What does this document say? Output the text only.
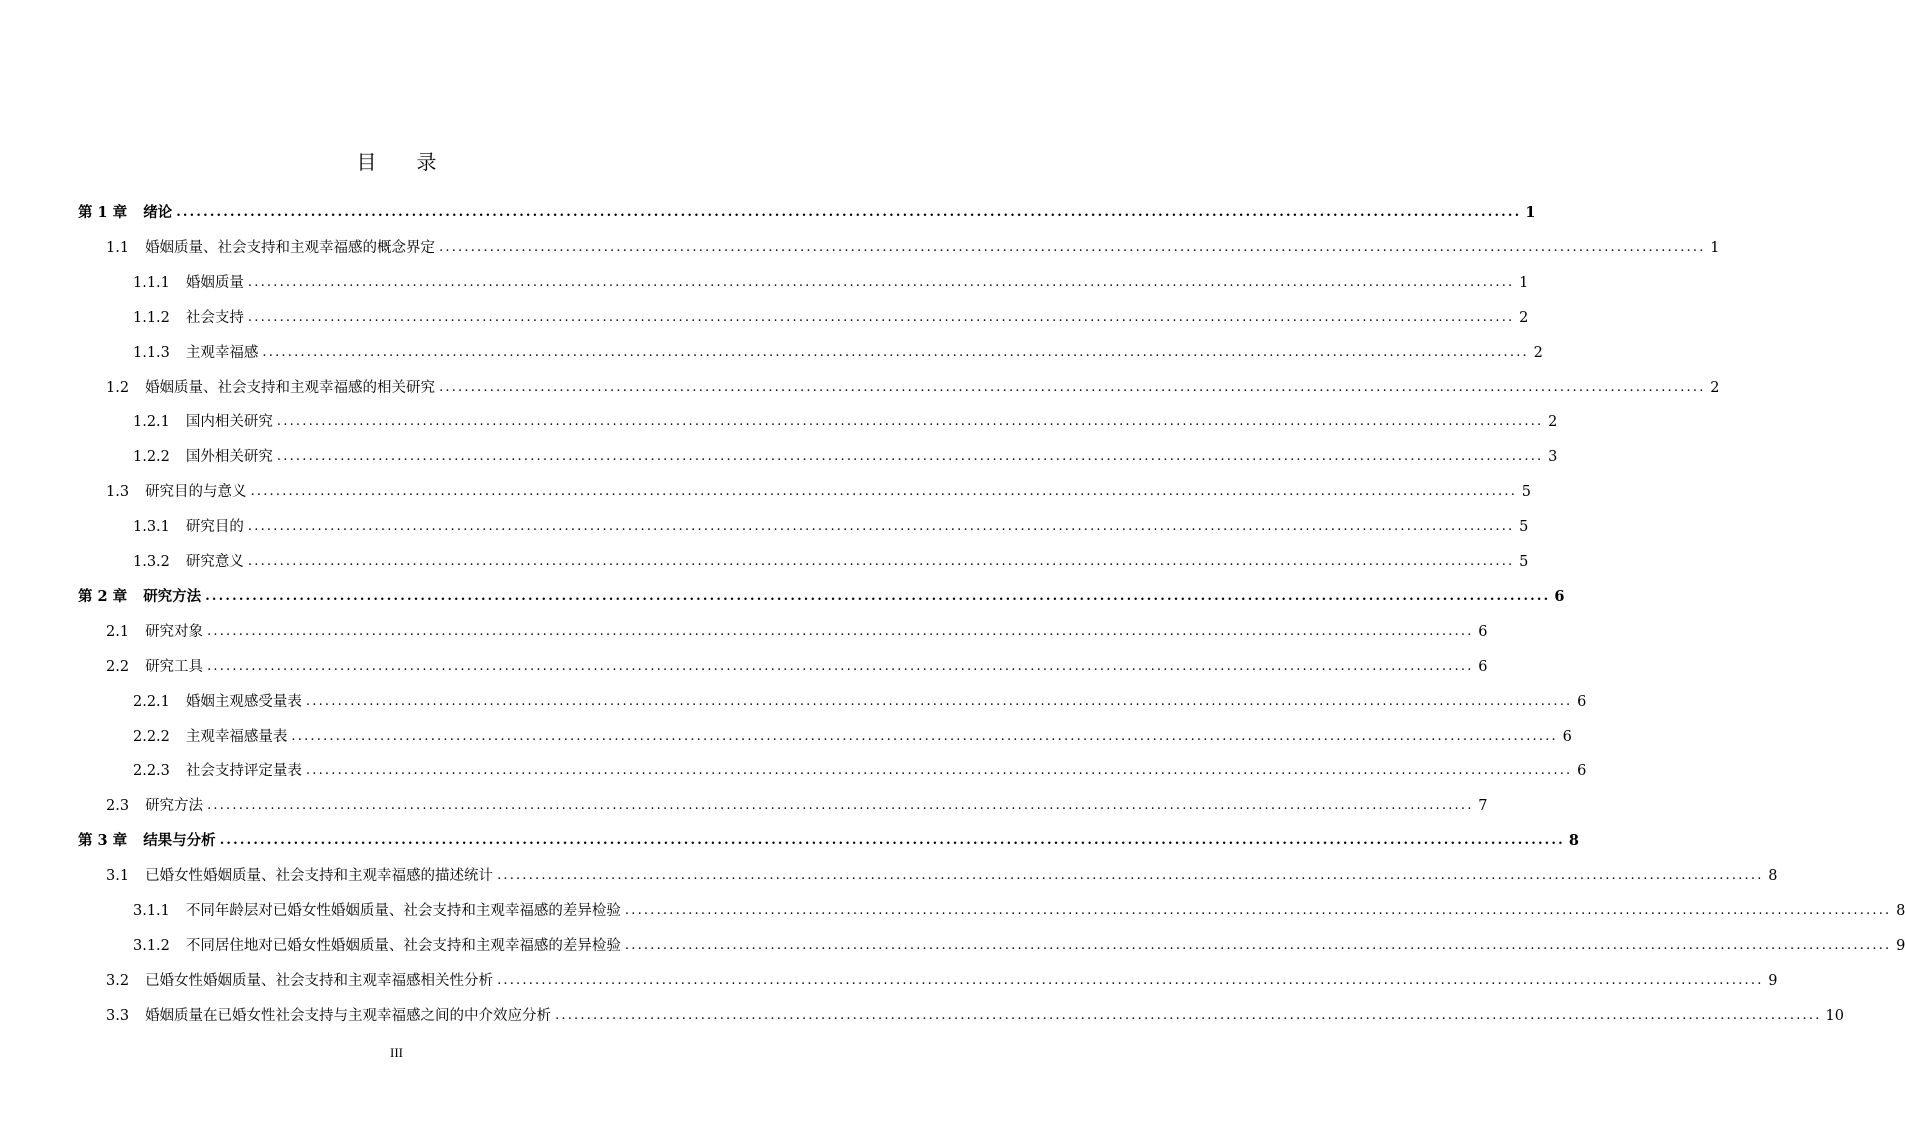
目录
第 1 章 绪论 ........................................................................................................................................................................................................ 1
1.1 婚姻质量、社会支持和主观幸福感的概念界定 ........................................................................................................................................................................................................ 1
1.1.1 婚姻质量 ........................................................................................................................................................................................................ 1
1.1.2 社会支持 ........................................................................................................................................................................................................ 2
1.1.3 主观幸福感 ........................................................................................................................................................................................................ 2
1.2 婚姻质量、社会支持和主观幸福感的相关研究 ........................................................................................................................................................................................................ 2
1.2.1 国内相关研究 ........................................................................................................................................................................................................ 2
1.2.2 国外相关研究 ........................................................................................................................................................................................................ 3
1.3 研究目的与意义 ........................................................................................................................................................................................................ 5
1.3.1 研究目的 ........................................................................................................................................................................................................ 5
1.3.2 研究意义 ........................................................................................................................................................................................................ 5
第 2 章 研究方法 ........................................................................................................................................................................................................ 6
2.1 研究对象 ........................................................................................................................................................................................................ 6
2.2 研究工具 ........................................................................................................................................................................................................ 6
2.2.1 婚姻主观感受量表 ........................................................................................................................................................................................................ 6
2.2.2 主观幸福感量表 ........................................................................................................................................................................................................ 6
2.2.3 社会支持评定量表 ........................................................................................................................................................................................................ 6
2.3 研究方法 ........................................................................................................................................................................................................ 7
第 3 章 结果与分析 ........................................................................................................................................................................................................ 8
3.1 已婚女性婚姻质量、社会支持和主观幸福感的描述统计 ........................................................................................................................................................................................................ 8
3.1.1 不同年龄层对已婚女性婚姻质量、社会支持和主观幸福感的差异检验 ........................................................................................................................................................................................................ 8
3.1.2 不同居住地对已婚女性婚姻质量、社会支持和主观幸福感的差异检验 ........................................................................................................................................................................................................ 9
3.2 已婚女性婚姻质量、社会支持和主观幸福感相关性分析 ........................................................................................................................................................................................................ 9
3.3 婚姻质量在已婚女性社会支持与主观幸福感之间的中介效应分析 ........................................................................................................................................................................................................ 10
III
